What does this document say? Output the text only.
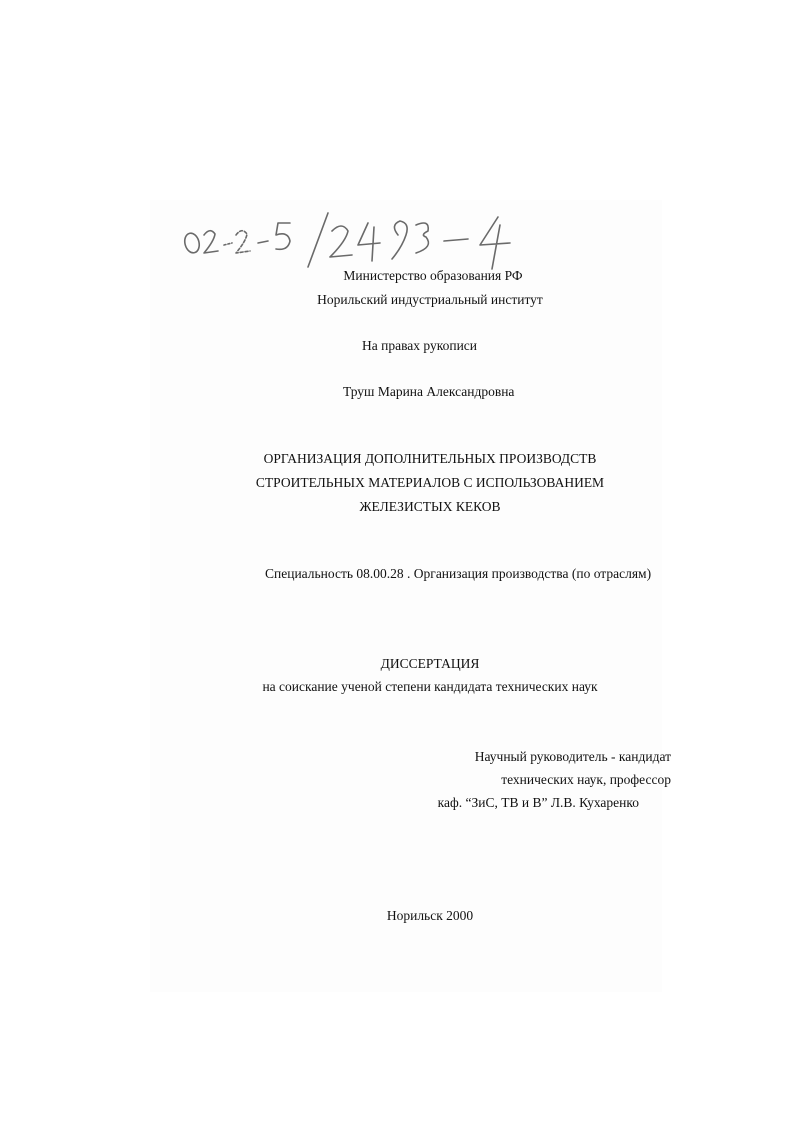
Министерство образования РФ
Норильский индустриальный институт
На правах рукописи
Труш Марина Александровна
ОРГАНИЗАЦИЯ ДОПОЛНИТЕЛЬНЫХ ПРОИЗВОДСТВ
СТРОИТЕЛЬНЫХ МАТЕРИАЛОВ С ИСПОЛЬЗОВАНИЕМ
ЖЕЛЕЗИСТЫХ КЕКОВ
Специальность 08.00.28 . Организация производства (по отраслям)
ДИССЕРТАЦИЯ
на соискание ученой степени кандидата технических наук
Научный руководитель - кандидат
технических наук, профессор
каф. “ЗиС, ТВ и В” Л.В. Кухаренко
Норильск 2000
